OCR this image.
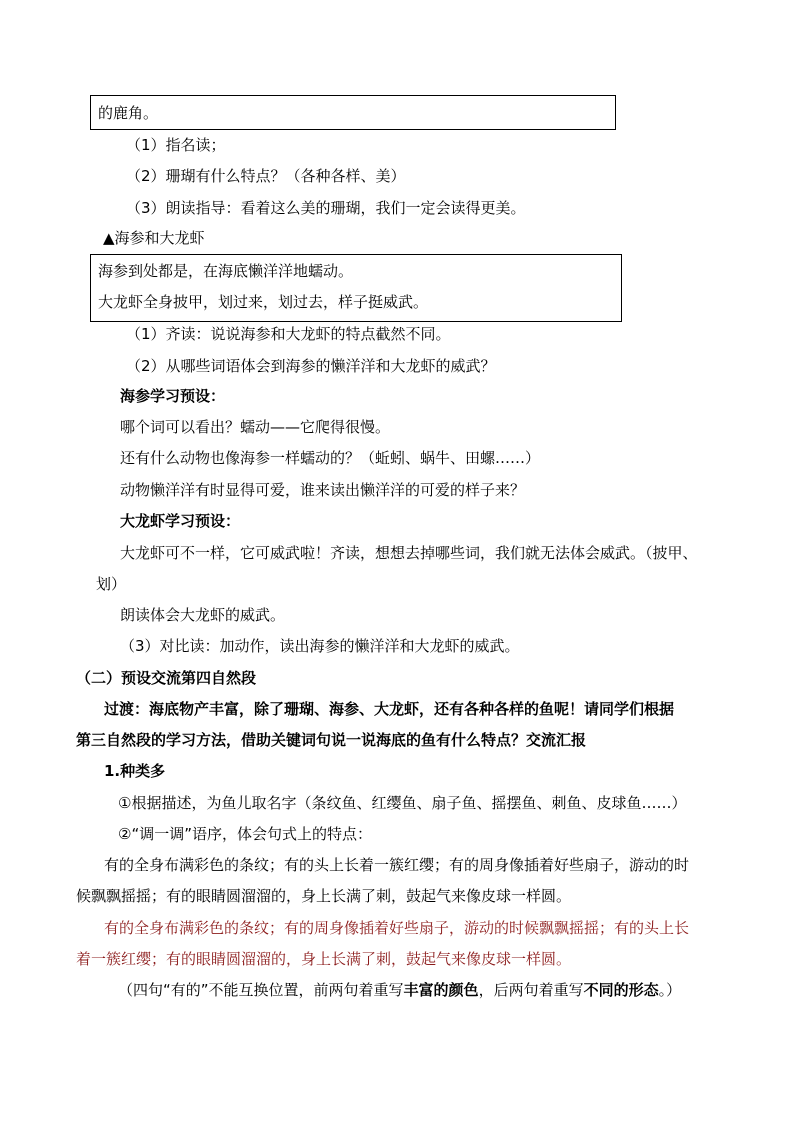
的鹿角。
（1）指名读；
（2）珊瑚有什么特点？（各种各样、美）
（3）朗读指导：看着这么美的珊瑚，我们一定会读得更美。
▲海参和大龙虾
海参到处都是，在海底懒洋洋地蠕动。
大龙虾全身披甲，划过来，划过去，样子挺威武。
（1）齐读：说说海参和大龙虾的特点截然不同。
（2）从哪些词语体会到海参的懒洋洋和大龙虾的威武？
海参学习预设：
哪个词可以看出？蠕动——它爬得很慢。
还有什么动物也像海参一样蠕动的？（蚯蚓、蜗牛、田螺……）
动物懒洋洋有时显得可爱，谁来读出懒洋洋的可爱的样子来？
大龙虾学习预设：
大龙虾可不一样，它可威武啦！齐读，想想去掉哪些词，我们就无法体会威武。（披甲、
划）
朗读体会大龙虾的威武。
（3）对比读：加动作，读出海参的懒洋洋和大龙虾的威武。
（二）预设交流第四自然段
过渡：海底物产丰富，除了珊瑚、海参、大龙虾，还有各种各样的鱼呢！请同学们根据
第三自然段的学习方法，借助关键词句说一说海底的鱼有什么特点？交流汇报
1.种类多
①根据描述，为鱼儿取名字（条纹鱼、红缨鱼、扇子鱼、摇摆鱼、刺鱼、皮球鱼……）
②“调一调”语序，体会句式上的特点：
有的全身布满彩色的条纹；有的头上长着一簇红缨；有的周身像插着好些扇子，游动的时
候飘飘摇摇；有的眼睛圆溜溜的，身上长满了刺，鼓起气来像皮球一样圆。
有的全身布满彩色的条纹；有的周身像插着好些扇子，游动的时候飘飘摇摇；有的头上长
着一簇红缨；有的眼睛圆溜溜的，身上长满了刺，鼓起气来像皮球一样圆。
（四句“有的”不能互换位置，前两句着重写丰富的颜色，后两句着重写不同的形态。）
